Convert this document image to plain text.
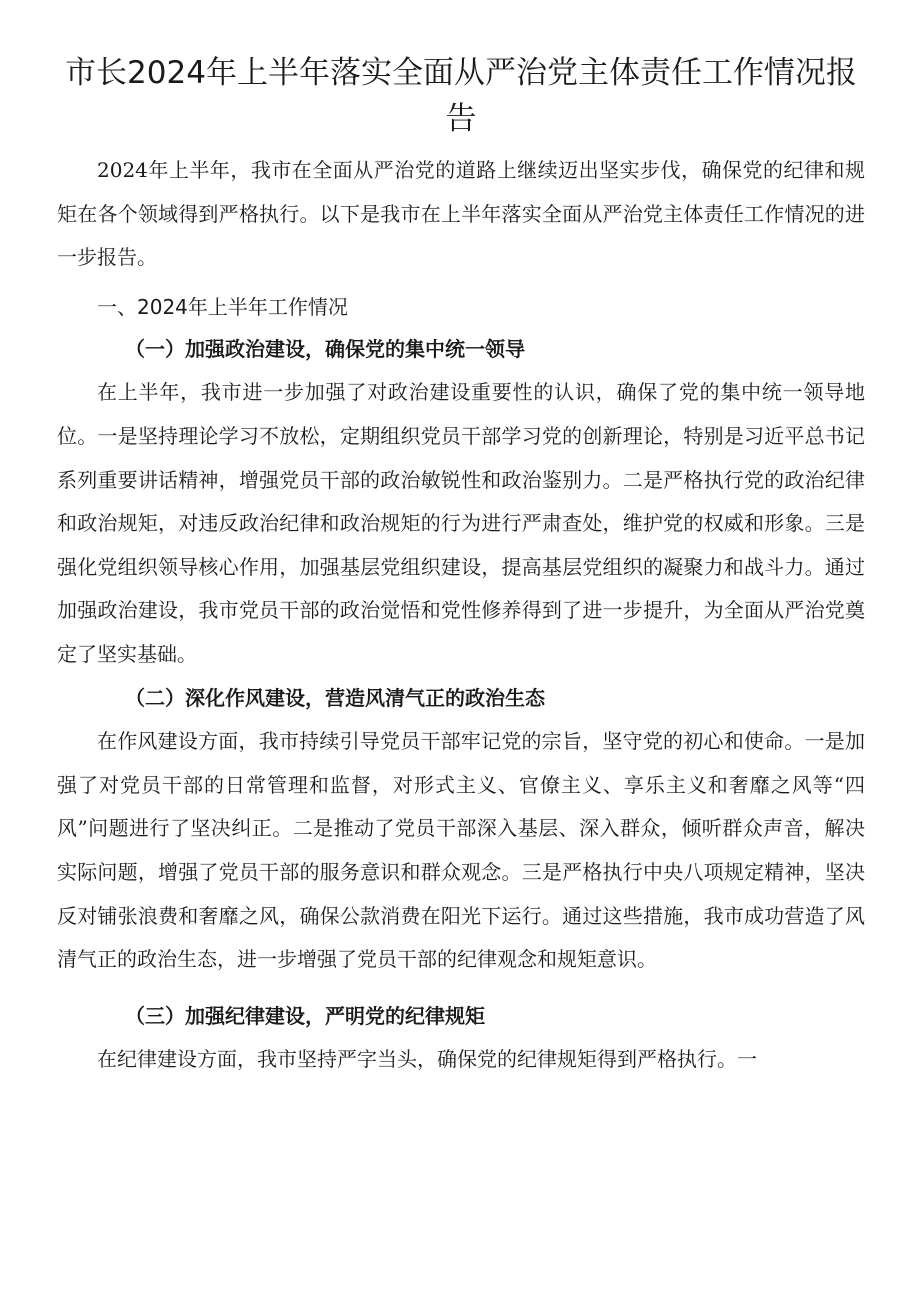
市长2024年上半年落实全面从严治党主体责任工作情况报告

2024年上半年，我市在全面从严治党的道路上继续迈出坚实步伐，确保党的纪律和规矩在各个领域得到严格执行。以下是我市在上半年落实全面从严治党主体责任工作情况的进一步报告。

一、2024年上半年工作情况
（一）加强政治建设，确保党的集中统一领导

在上半年，我市进一步加强了对政治建设重要性的认识，确保了党的集中统一领导地位。一是坚持理论学习不放松，定期组织党员干部学习党的创新理论，特别是习近平总书记系列重要讲话精神，增强党员干部的政治敏锐性和政治鉴别力。二是严格执行党的政治纪律和政治规矩，对违反政治纪律和政治规矩的行为进行严肃查处，维护党的权威和形象。三是强化党组织领导核心作用，加强基层党组织建设，提高基层党组织的凝聚力和战斗力。通过加强政治建设，我市党员干部的政治觉悟和党性修养得到了进一步提升，为全面从严治党奠定了坚实基础。

（二）深化作风建设，营造风清气正的政治生态

在作风建设方面，我市持续引导党员干部牢记党的宗旨，坚守党的初心和使命。一是加强了对党员干部的日常管理和监督，对形式主义、官僚主义、享乐主义和奢靡之风等“四风”问题进行了坚决纠正。二是推动了党员干部深入基层、深入群众，倾听群众声音，解决实际问题，增强了党员干部的服务意识和群众观念。三是严格执行中央八项规定精神，坚决反对铺张浪费和奢靡之风，确保公款消费在阳光下运行。通过这些措施，我市成功营造了风清气正的政治生态，进一步增强了党员干部的纪律观念和规矩意识。

（三）加强纪律建设，严明党的纪律规矩

在纪律建设方面，我市坚持严字当头，确保党的纪律规矩得到严格执行。一
